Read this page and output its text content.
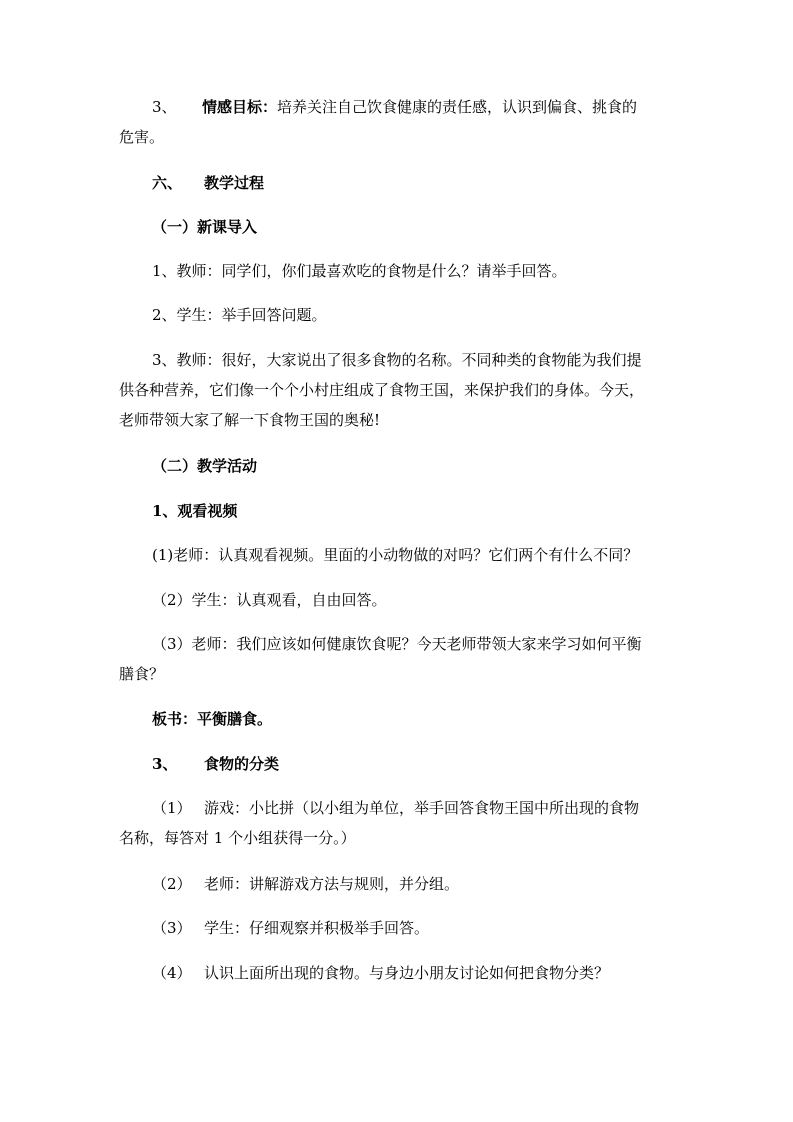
3、 情感目标：培养关注自己饮食健康的责任感，认识到偏食、挑食的
危害。
六、 教学过程
（一）新课导入
1、教师：同学们，你们最喜欢吃的食物是什么？请举手回答。
2、学生：举手回答问题。
3、教师：很好，大家说出了很多食物的名称。不同种类的食物能为我们提
供各种营养，它们像一个个小村庄组成了食物王国，来保护我们的身体。今天，
老师带领大家了解一下食物王国的奥秘!
（二）教学活动
1、观看视频
(1)老师：认真观看视频。里面的小动物做的对吗？它们两个有什么不同？
（2）学生：认真观看，自由回答。
（3）老师：我们应该如何健康饮食呢？今天老师带领大家来学习如何平衡
膳食？
板书：平衡膳食。
3、 食物的分类
（1） 游戏：小比拼（以小组为单位，举手回答食物王国中所出现的食物
名称，每答对 1 个小组获得一分。）
（2） 老师：讲解游戏方法与规则，并分组。
（3） 学生：仔细观察并积极举手回答。
（4） 认识上面所出现的食物。与身边小朋友讨论如何把食物分类？
